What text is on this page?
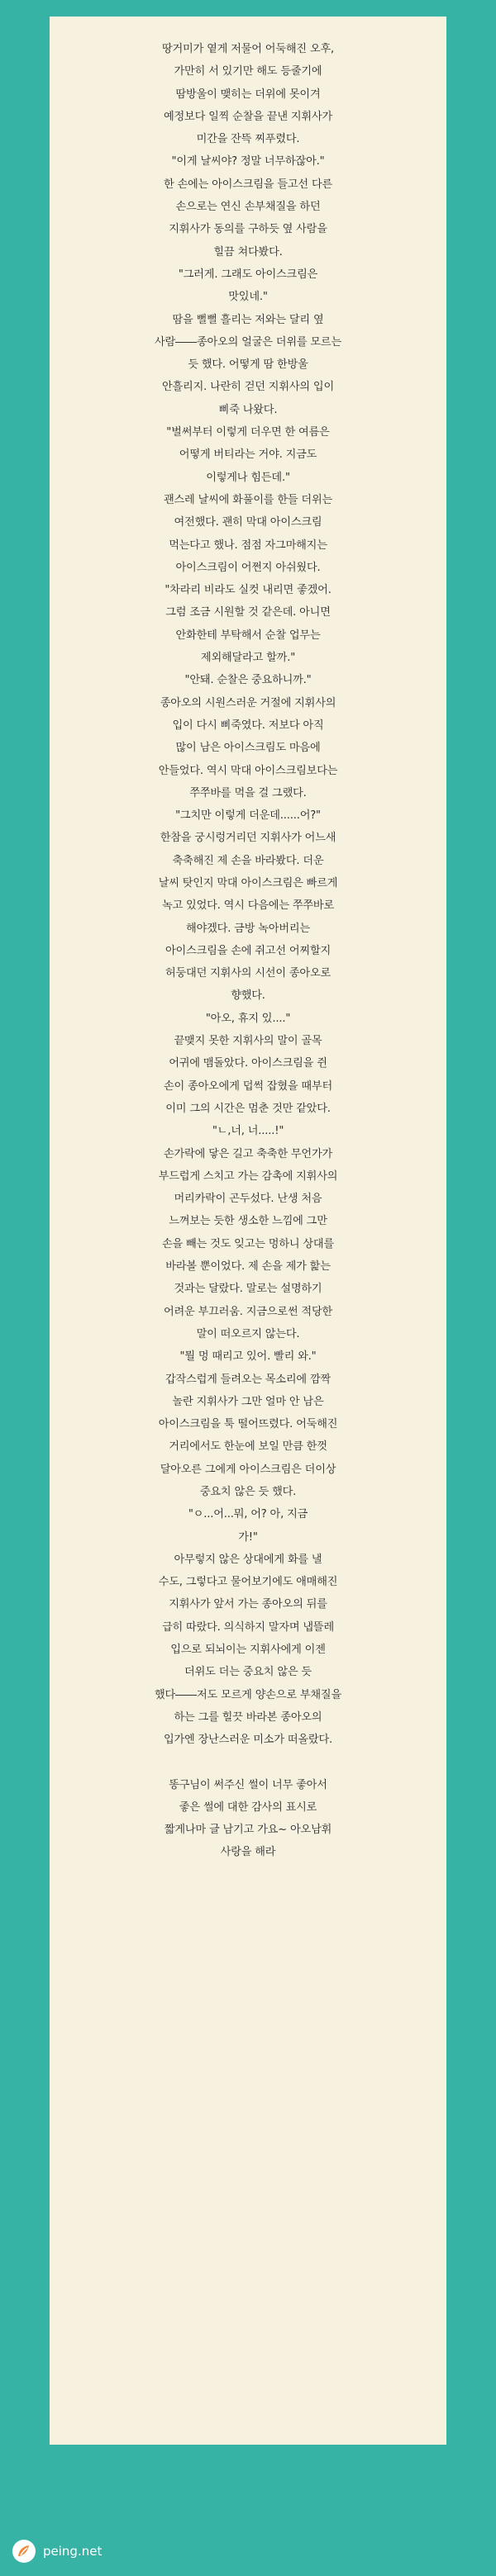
땅거미가 옅게 저물어 어둑해진 오후,
가만히 서 있기만 해도 등줄기에
땀방울이 맺히는 더위에 못이겨
예정보다 일찍 순찰을 끝낸 지휘사가
미간을 잔뜩 찌푸렸다.
"이게 날씨야? 정말 너무하잖아."
한 손에는 아이스크림을 들고선 다른
손으로는 연신 손부채질을 하던
지휘사가 동의를 구하듯 옆 사람을
힐끔 쳐다봤다.
"그러게. 그래도 아이스크림은
맛있네."
땀을 뻘뻘 흘리는 저와는 달리 옆
사람――종아오의 얼굴은 더위를 모르는
듯 했다. 어떻게 땀 한방울
안흘리지. 나란히 걷던 지휘사의 입이
삐죽 나왔다.
"벌써부터 이렇게 더우면 한 여름은
어떻게 버티라는 거야. 지금도
이렇게나 힘든데."
괜스레 날씨에 화풀이를 한들 더위는
여전했다. 괜히 막대 아이스크림
먹는다고 했나. 점점 자그마해지는
아이스크림이 어쩐지 아쉬웠다.
"차라리 비라도 실컷 내리면 좋겠어.
그럼 조금 시원할 것 같은데. 아니면
안화한테 부탁해서 순찰 업무는
제외해달라고 할까."
"안돼. 순찰은 중요하니까."
종아오의 시원스러운 거절에 지휘사의
입이 다시 삐죽였다. 저보다 아직
많이 남은 아이스크림도 마음에
안들었다. 역시 막대 아이스크림보다는
쭈쭈바를 먹을 걸 그랬다.
"그치만 이렇게 더운데......어?"
한참을 궁시렁거리던 지휘사가 어느새
축축해진 제 손을 바라봤다. 더운
날씨 탓인지 막대 아이스크림은 빠르게
녹고 있었다. 역시 다음에는 쭈쭈바로
해야겠다. 금방 녹아버리는
아이스크림을 손에 쥐고선 어찌할지
허둥대던 지휘사의 시선이 종아오로
향했다.
"아오, 휴지 있...."
끝맺지 못한 지휘사의 말이 골목
어귀에 맴돌았다. 아이스크림을 쥔
손이 종아오에게 덥썩 잡혔을 때부터
이미 그의 시간은 멈춘 것만 같았다.
"ㄴ,너, 너.....!"
손가락에 닿은 길고 축축한 무언가가
부드럽게 스치고 가는 감촉에 지휘사의
머리카락이 곤두섰다. 난생 처음
느껴보는 듯한 생소한 느낌에 그만
손을 빼는 것도 잊고는 멍하니 상대를
바라볼 뿐이었다. 제 손을 제가 핥는
것과는 달랐다. 말로는 설명하기
어려운 부끄러움. 지금으로썬 적당한
말이 떠오르지 않는다.
"뭘 멍 때리고 있어. 빨리 와."
갑작스럽게 들려오는 목소리에 깜짝
놀란 지휘사가 그만 얼마 안 남은
아이스크림을 툭 떨어뜨렸다. 어둑해진
거리에서도 한눈에 보일 만큼 한껏
달아오른 그에게 아이스크림은 더이상
중요치 않은 듯 했다.
"ㅇ...어...뭐, 어? 아, 지금
가!"
아무렇지 않은 상대에게 화를 낼
수도, 그렇다고 물어보기에도 애매해진
지휘사가 앞서 가는 종아오의 뒤를
급히 따랐다. 의식하지 말자며 냅뜰레
입으로 되뇌이는 지휘사에게 이젠
더위도 더는 중요치 않은 듯
했다――저도 모르게 양손으로 부채질을
하는 그를 힐끗 바라본 종아오의
입가엔 장난스러운 미소가 떠올랐다.
똥구님이 써주신 썰이 너무 좋아서
좋은 썰에 대한 감사의 표시로
짧게나마 글 남기고 가요~ 아오남휘
사랑을 해라
peing.net
